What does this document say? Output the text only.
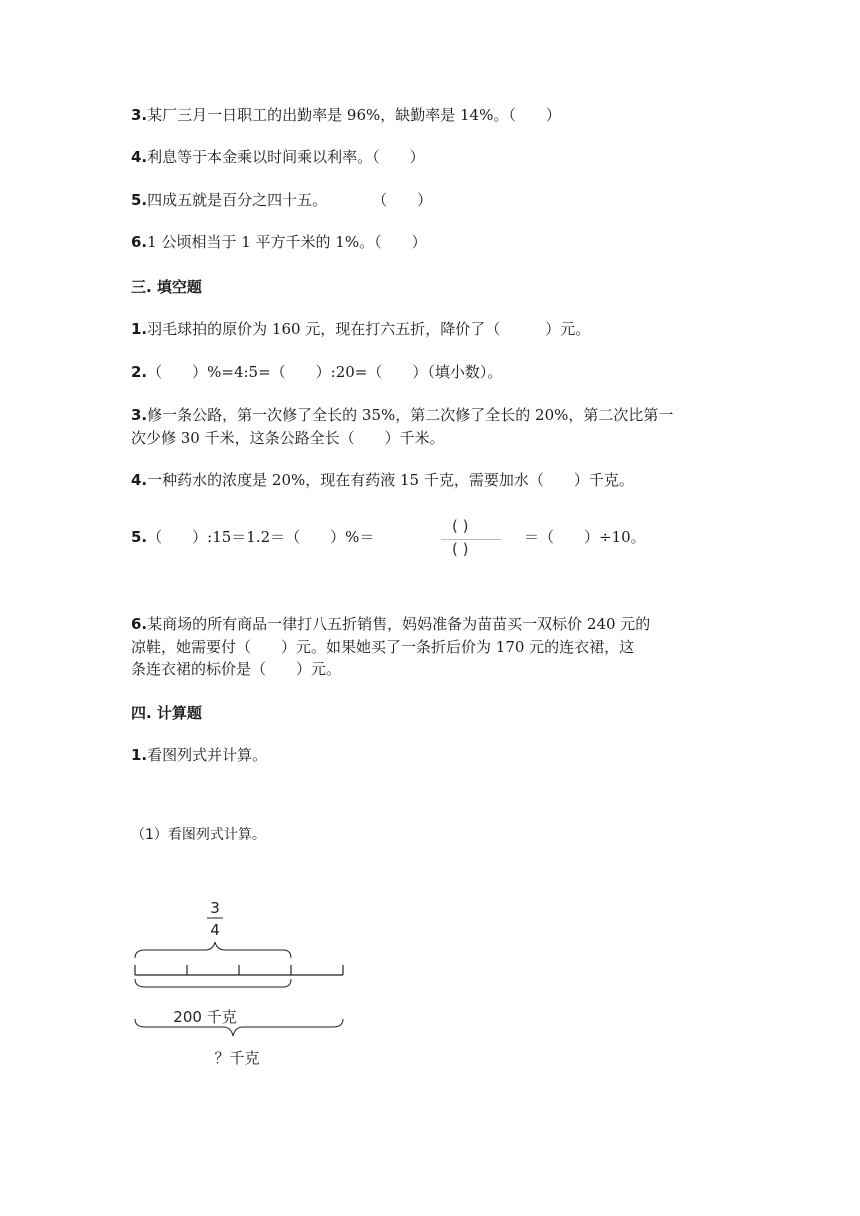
3.某厂三月一日职工的出勤率是 96%，缺勤率是 14%。（　　）
4.利息等于本金乘以时间乘以利率。（　　）
5.四成五就是百分之四十五。　　　　（　　）
6.1 公顷相当于 1 平方千米的 1%。（　　）
三. 填空题
1.羽毛球拍的原价为 160 元，现在打六五折，降价了（　　　）元。
2.（　　）%=4:5=（　　）:20=（　　）（填小数）。
3.修一条公路，第一次修了全长的 35%，第二次修了全长的 20%，第二次比第一
次少修 30 千米，这条公路全长（　　）千米。
4.一种药水的浓度是 20%，现在有药液 15 千克，需要加水（　　）千克。
5.（　　）:15＝1.2＝（　　）%＝
( )
( )
＝（　　）÷10。
6.某商场的所有商品一律打八五折销售，妈妈准备为苗苗买一双标价 240 元的
凉鞋，她需要付（　　）元。如果她买了一条折后价为 170 元的连衣裙，这
条连衣裙的标价是（　　）元。
四. 计算题
1.看图列式并计算。
（1）看图列式计算。
3
4
200 千克
？千克
